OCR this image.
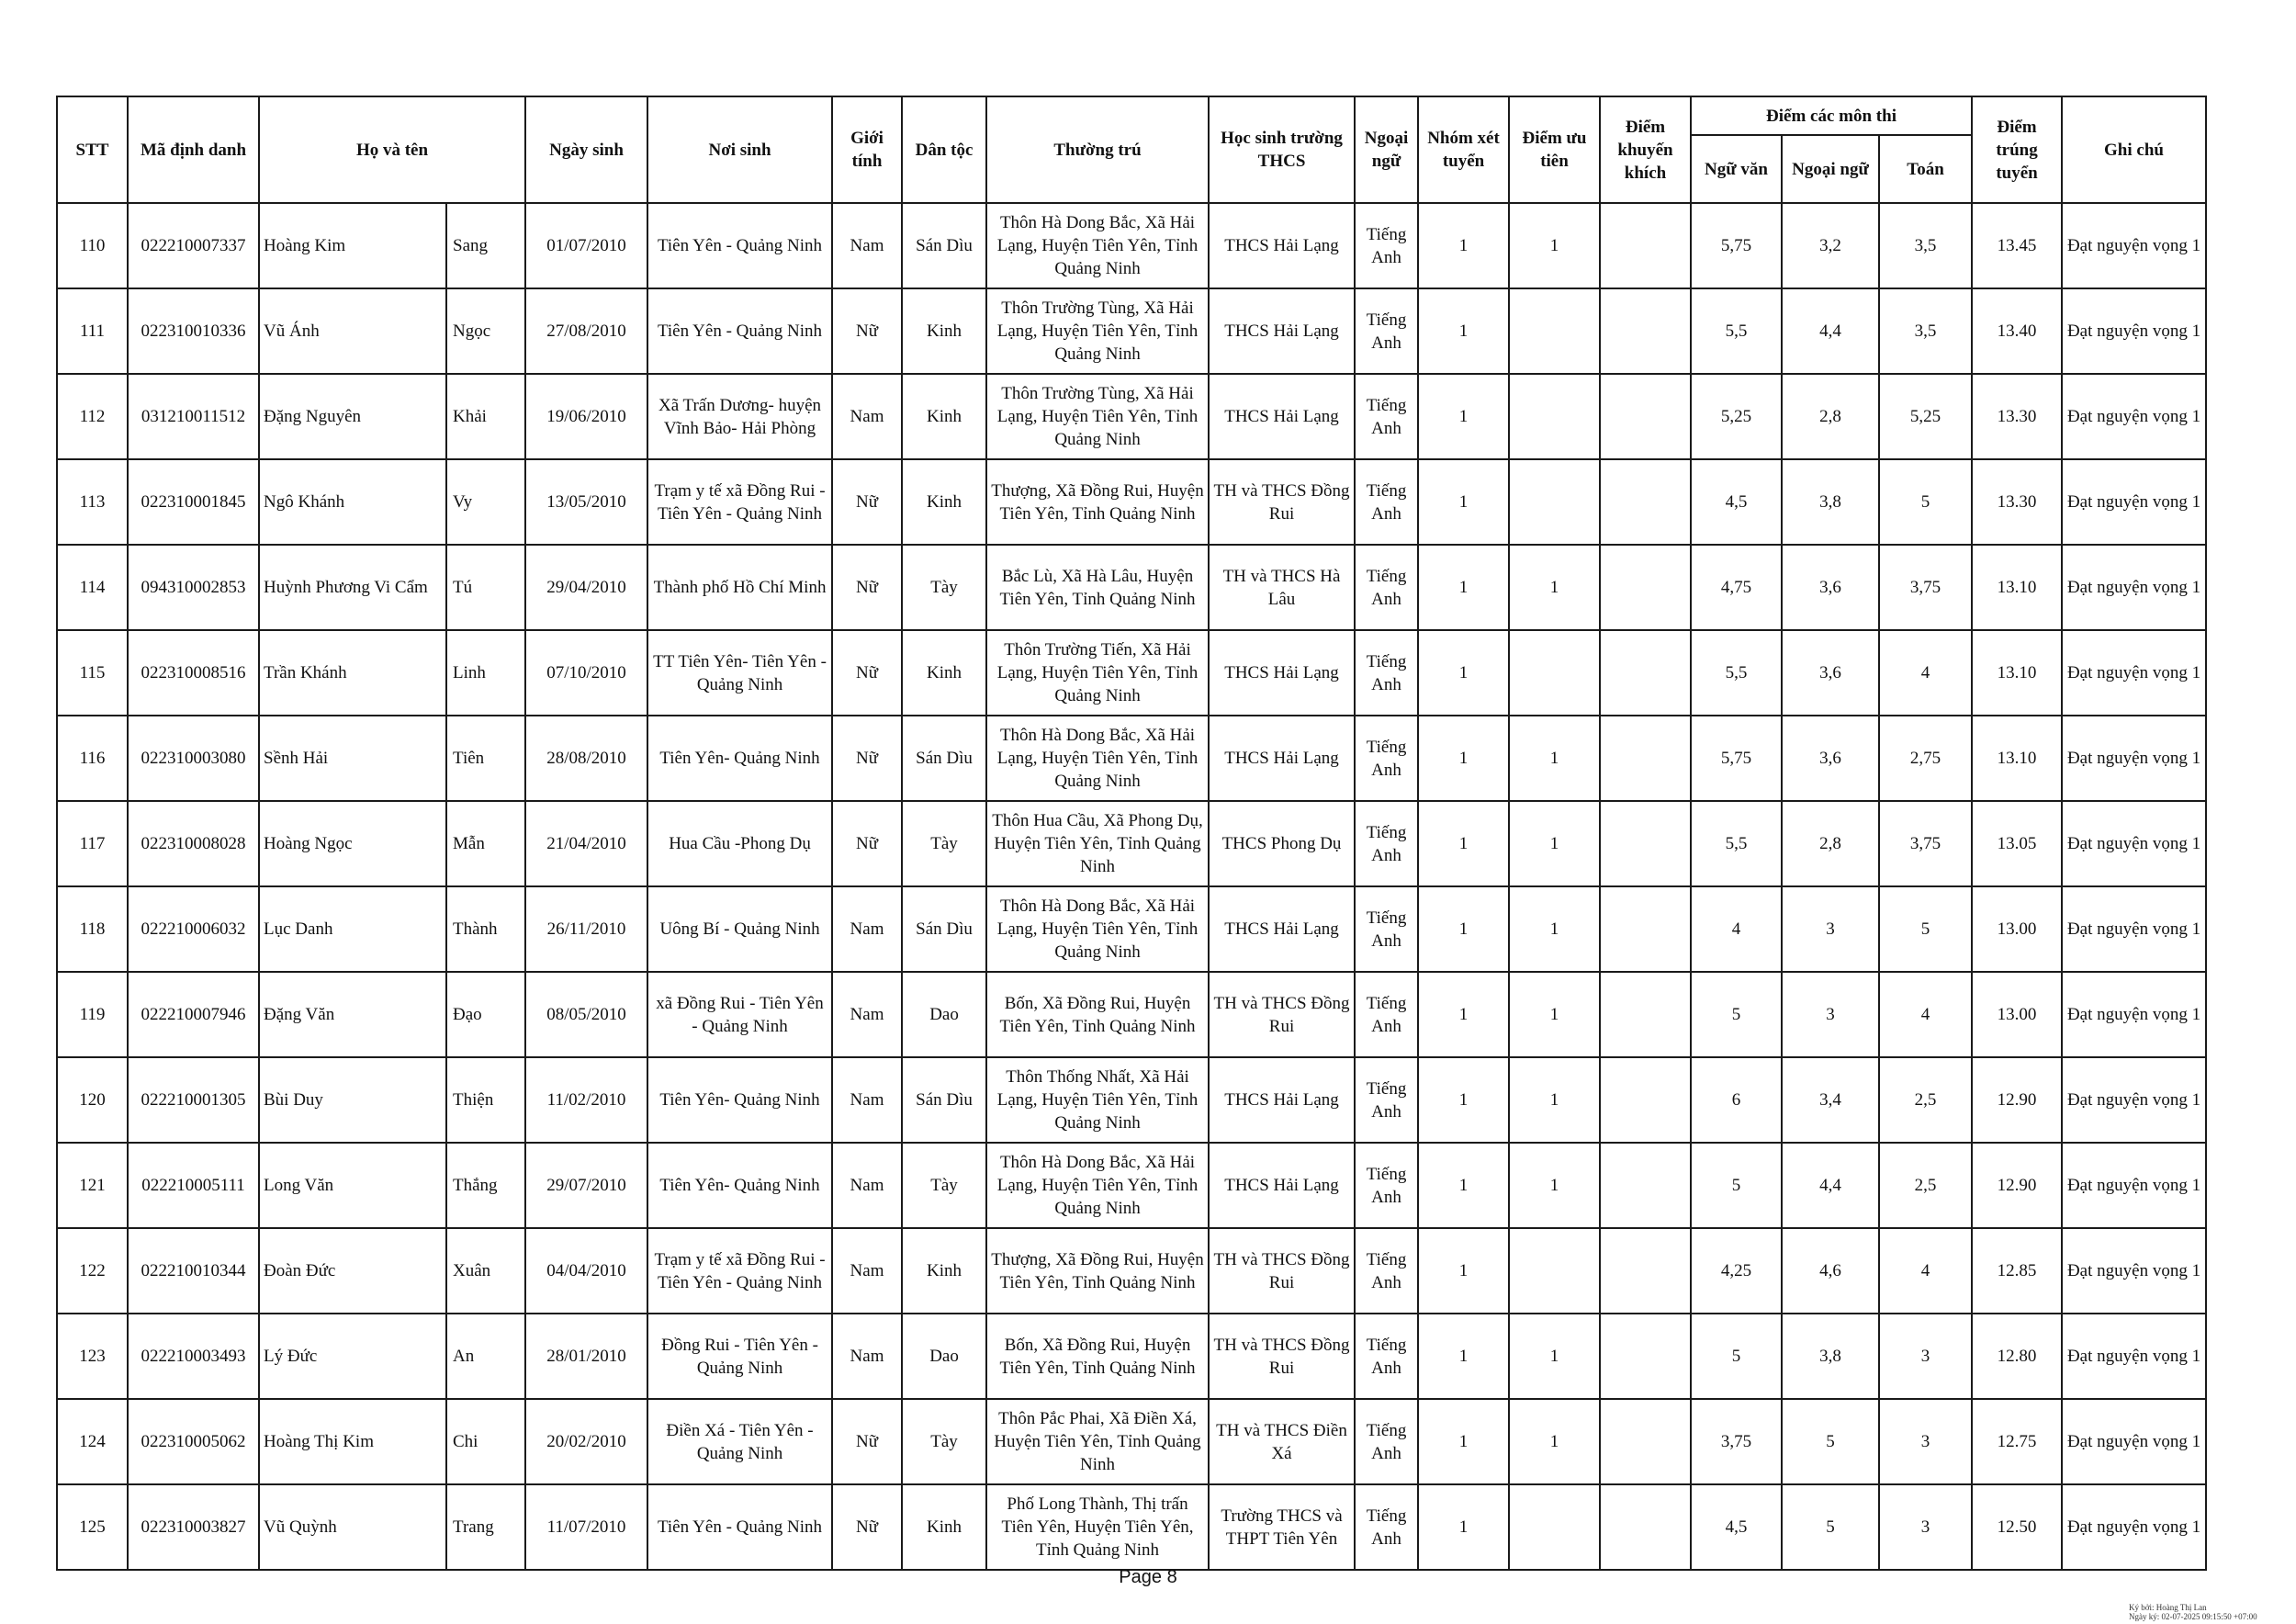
STT	Mã định danh	Họ và tên		Ngày sinh	Nơi sinh	Giới tính	Dân tộc	Thường trú	Học sinh trường THCS	Ngoại ngữ	Nhóm xét tuyển	Điểm ưu tiên	Điểm khuyến khích	Điểm các môn thi			Điểm trúng tuyển	Ghi chú
														Ngữ văn	Ngoại ngữ	Toán		
110	022210007337	Hoàng Kim	Sang	01/07/2010	Tiên Yên - Quảng Ninh	Nam	Sán Dìu	Thôn Hà Dong Bắc, Xã Hải Lạng, Huyện Tiên Yên, Tỉnh Quảng Ninh	THCS Hải Lạng	Tiếng Anh	1	1		5,75	3,2	3,5	13.45	Đạt nguyện vọng 1
111	022310010336	Vũ Ánh	Ngọc	27/08/2010	Tiên Yên - Quảng Ninh	Nữ	Kinh	Thôn Trường Tùng, Xã Hải Lạng, Huyện Tiên Yên, Tỉnh Quảng Ninh	THCS Hải Lạng	Tiếng Anh	1			5,5	4,4	3,5	13.40	Đạt nguyện vọng 1
112	031210011512	Đặng Nguyên	Khải	19/06/2010	Xã Trấn Dương- huyện Vĩnh Bảo- Hải Phòng	Nam	Kinh	Thôn Trường Tùng, Xã Hải Lạng, Huyện Tiên Yên, Tỉnh Quảng Ninh	THCS Hải Lạng	Tiếng Anh	1			5,25	2,8	5,25	13.30	Đạt nguyện vọng 1
113	022310001845	Ngô Khánh	Vy	13/05/2010	Trạm y tế xã Đồng Rui - Tiên Yên - Quảng Ninh	Nữ	Kinh	Thượng, Xã Đồng Rui, Huyện Tiên Yên, Tỉnh Quảng Ninh	TH và THCS Đồng Rui	Tiếng Anh	1			4,5	3,8	5	13.30	Đạt nguyện vọng 1
114	094310002853	Huỳnh Phương Vi Cẩm	Tú	29/04/2010	Thành phố Hồ Chí Minh	Nữ	Tày	Bắc Lù, Xã Hà Lâu, Huyện Tiên Yên, Tỉnh Quảng Ninh	TH và THCS Hà Lâu	Tiếng Anh	1	1		4,75	3,6	3,75	13.10	Đạt nguyện vọng 1
115	022310008516	Trần Khánh	Linh	07/10/2010	TT Tiên Yên- Tiên Yên - Quảng Ninh	Nữ	Kinh	Thôn Trường Tiến, Xã Hải Lạng, Huyện Tiên Yên, Tỉnh Quảng Ninh	THCS Hải Lạng	Tiếng Anh	1			5,5	3,6	4	13.10	Đạt nguyện vọng 1
116	022310003080	Sềnh Hải	Tiên	28/08/2010	Tiên Yên- Quảng Ninh	Nữ	Sán Dìu	Thôn Hà Dong Bắc, Xã Hải Lạng, Huyện Tiên Yên, Tỉnh Quảng Ninh	THCS Hải Lạng	Tiếng Anh	1	1		5,75	3,6	2,75	13.10	Đạt nguyện vọng 1
117	022310008028	Hoàng Ngọc	Mẫn	21/04/2010	Hua Cầu -Phong Dụ	Nữ	Tày	Thôn Hua Cầu, Xã Phong Dụ, Huyện Tiên Yên, Tỉnh Quảng Ninh	THCS Phong Dụ	Tiếng Anh	1	1		5,5	2,8	3,75	13.05	Đạt nguyện vọng 1
118	022210006032	Lục Danh	Thành	26/11/2010	Uông Bí - Quảng Ninh	Nam	Sán Dìu	Thôn Hà Dong Bắc, Xã Hải Lạng, Huyện Tiên Yên, Tỉnh Quảng Ninh	THCS Hải Lạng	Tiếng Anh	1	1		4	3	5	13.00	Đạt nguyện vọng 1
119	022210007946	Đặng Văn	Đạo	08/05/2010	xã Đồng Rui - Tiên Yên - Quảng Ninh	Nam	Dao	Bốn, Xã Đồng Rui, Huyện Tiên Yên, Tỉnh Quảng Ninh	TH và THCS Đồng Rui	Tiếng Anh	1	1		5	3	4	13.00	Đạt nguyện vọng 1
120	022210001305	Bùi Duy	Thiện	11/02/2010	Tiên Yên- Quảng Ninh	Nam	Sán Dìu	Thôn Thống Nhất, Xã Hải Lạng, Huyện Tiên Yên, Tỉnh Quảng Ninh	THCS Hải Lạng	Tiếng Anh	1	1		6	3,4	2,5	12.90	Đạt nguyện vọng 1
121	022210005111	Long Văn	Thắng	29/07/2010	Tiên Yên- Quảng Ninh	Nam	Tày	Thôn Hà Dong Bắc, Xã Hải Lạng, Huyện Tiên Yên, Tỉnh Quảng Ninh	THCS Hải Lạng	Tiếng Anh	1	1		5	4,4	2,5	12.90	Đạt nguyện vọng 1
122	022210010344	Đoàn Đức	Xuân	04/04/2010	Trạm y tế xã Đồng Rui - Tiên Yên - Quảng Ninh	Nam	Kinh	Thượng, Xã Đồng Rui, Huyện Tiên Yên, Tỉnh Quảng Ninh	TH và THCS Đồng Rui	Tiếng Anh	1			4,25	4,6	4	12.85	Đạt nguyện vọng 1
123	022210003493	Lý Đức	An	28/01/2010	Đồng Rui - Tiên Yên - Quảng Ninh	Nam	Dao	Bốn, Xã Đồng Rui, Huyện Tiên Yên, Tỉnh Quảng Ninh	TH và THCS Đồng Rui	Tiếng Anh	1	1		5	3,8	3	12.80	Đạt nguyện vọng 1
124	022310005062	Hoàng Thị Kim	Chi	20/02/2010	Điền Xá - Tiên Yên - Quảng Ninh	Nữ	Tày	Thôn Pắc Phai, Xã Điền Xá, Huyện Tiên Yên, Tỉnh Quảng Ninh	TH và THCS Điền Xá	Tiếng Anh	1	1		3,75	5	3	12.75	Đạt nguyện vọng 1
125	022310003827	Vũ Quỳnh	Trang	11/07/2010	Tiên Yên - Quảng Ninh	Nữ	Kinh	Phố Long Thành, Thị trấn Tiên Yên, Huyện Tiên Yên, Tỉnh Quảng Ninh	Trường THCS và THPT Tiên Yên	Tiếng Anh	1			4,5	5	3	12.50	Đạt nguyện vọng 1
Page 8
Ký bởi: Hoàng Thị Lan
Ngày ký: 02-07-2025 09:15:50 +07:00
